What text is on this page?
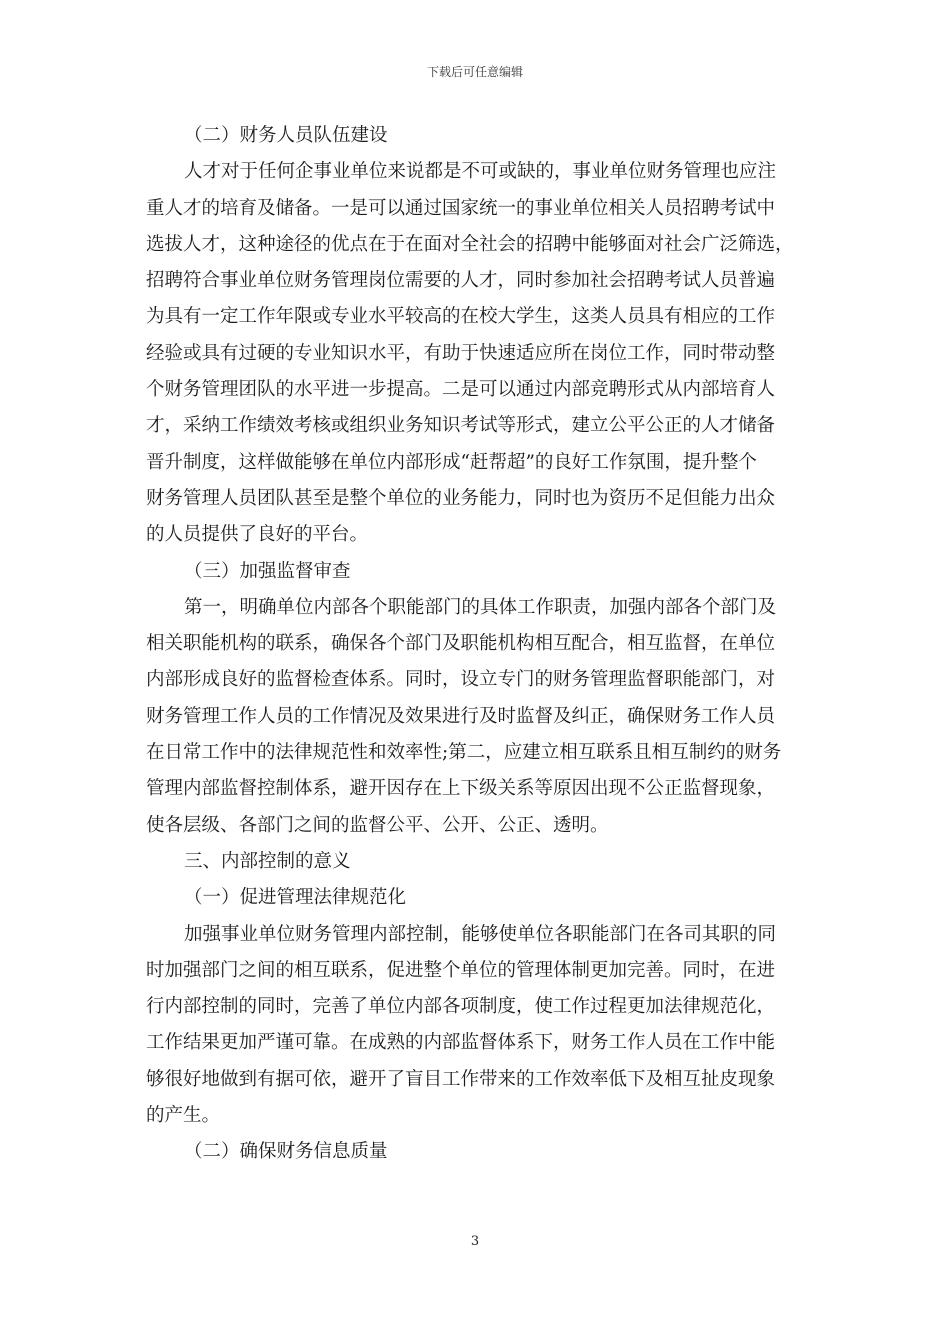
下载后可任意编辑
（二）财务人员队伍建设
人才对于任何企事业单位来说都是不可或缺的，事业单位财务管理也应注
重人才的培育及储备。一是可以通过国家统一的事业单位相关人员招聘考试中
选拔人才，这种途径的优点在于在面对全社会的招聘中能够面对社会广泛筛选，
招聘符合事业单位财务管理岗位需要的人才，同时参加社会招聘考试人员普遍
为具有一定工作年限或专业水平较高的在校大学生，这类人员具有相应的工作
经验或具有过硬的专业知识水平，有助于快速适应所在岗位工作，同时带动整
个财务管理团队的水平进一步提高。二是可以通过内部竞聘形式从内部培育人
才，采纳工作绩效考核或组织业务知识考试等形式，建立公平公正的人才储备
晋升制度，这样做能够在单位内部形成“赶帮超”的良好工作氛围，提升整个
财务管理人员团队甚至是整个单位的业务能力，同时也为资历不足但能力出众
的人员提供了良好的平台。
（三）加强监督审查
第一，明确单位内部各个职能部门的具体工作职责，加强内部各个部门及
相关职能机构的联系，确保各个部门及职能机构相互配合，相互监督，在单位
内部形成良好的监督检查体系。同时，设立专门的财务管理监督职能部门，对
财务管理工作人员的工作情况及效果进行及时监督及纠正，确保财务工作人员
在日常工作中的法律规范性和效率性;第二，应建立相互联系且相互制约的财务
管理内部监督控制体系，避开因存在上下级关系等原因出现不公正监督现象，
使各层级、各部门之间的监督公平、公开、公正、透明。
三、内部控制的意义
（一）促进管理法律规范化
加强事业单位财务管理内部控制，能够使单位各职能部门在各司其职的同
时加强部门之间的相互联系，促进整个单位的管理体制更加完善。同时，在进
行内部控制的同时，完善了单位内部各项制度，使工作过程更加法律规范化，
工作结果更加严谨可靠。在成熟的内部监督体系下，财务工作人员在工作中能
够很好地做到有据可依，避开了盲目工作带来的工作效率低下及相互扯皮现象
的产生。
（二）确保财务信息质量
3
